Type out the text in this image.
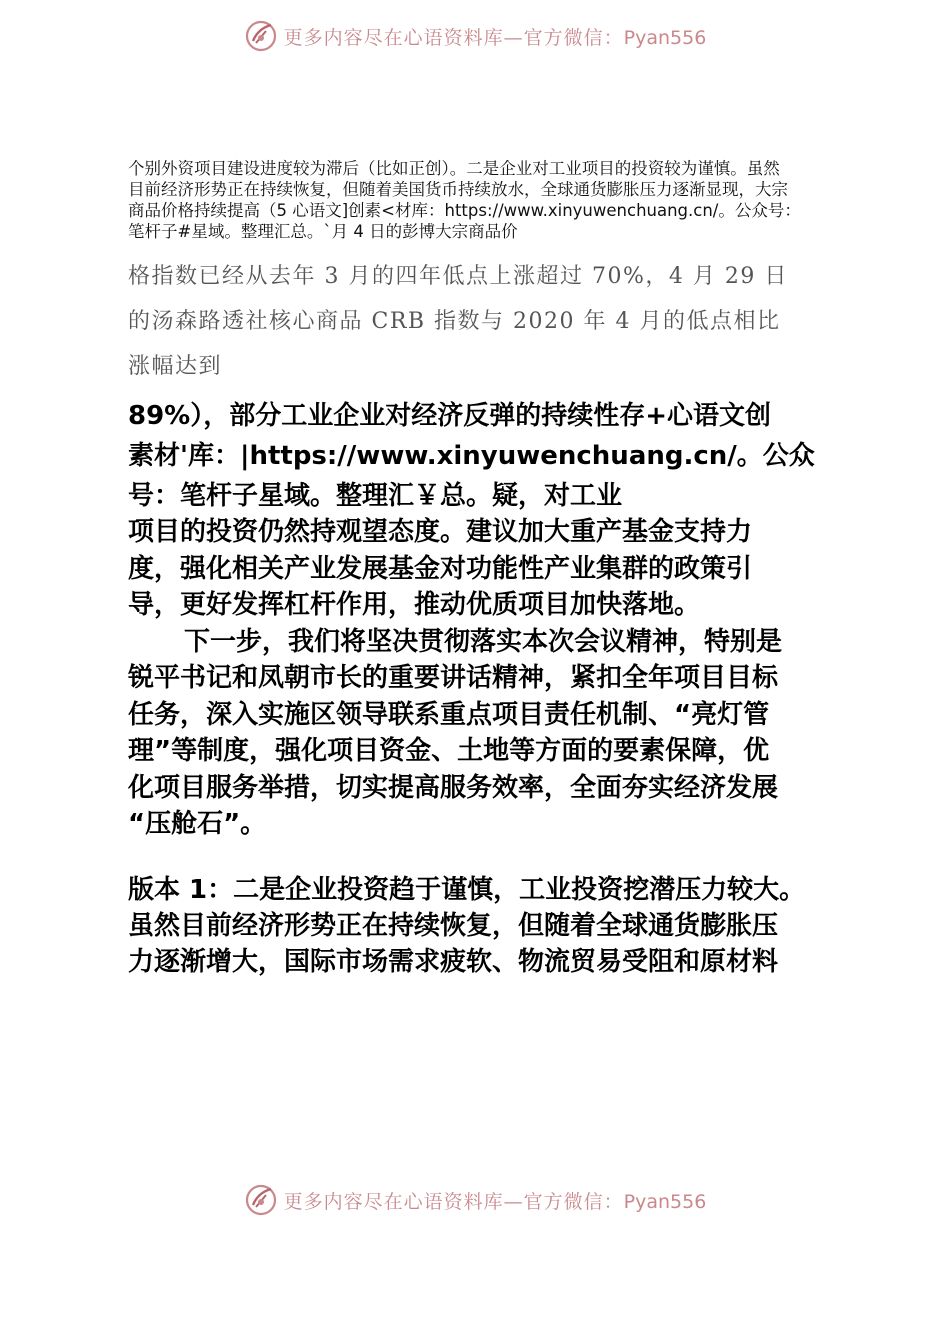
更多内容尽在心语资料库—官方微信：Pyan556
个别外资项目建设进度较为滞后（比如正创）。二是企业对工业项目的投资较为谨慎。虽然
目前经济形势正在持续恢复，但随着美国货币持续放水，全球通货膨胀压力逐渐显现，大宗
商品价格持续提高（5 心语文]创素<材库：https://www.xinyuwenchuang.cn/。公众号：
笔杆子#星域。整理汇总。`月 4 日的彭博大宗商品价
格指数已经从去年 3 月的四年低点上涨超过 70%，4 月 29 日
的汤森路透社核心商品 CRB 指数与 2020 年 4 月的低点相比
涨幅达到
89%），部分工业企业对经济反弹的持续性存+心语文创
素材'库：|https://www.xinyuwenchuang.cn/。公众
号：笔杆子星域。整理汇￥总。疑，对工业
项目的投资仍然持观望态度。建议加大重产基金支持力
度，强化相关产业发展基金对功能性产业集群的政策引
导，更好发挥杠杆作用，推动优质项目加快落地。
下一步，我们将坚决贯彻落实本次会议精神，特别是
锐平书记和凤朝市长的重要讲话精神，紧扣全年项目目标
任务，深入实施区领导联系重点项目责任机制、“亮灯管
理”等制度，强化项目资金、土地等方面的要素保障，优
化项目服务举措，切实提高服务效率，全面夯实经济发展
“压舱石”。
版本 1：二是企业投资趋于谨慎，工业投资挖潜压力较大。
虽然目前经济形势正在持续恢复，但随着全球通货膨胀压
力逐渐增大，国际市场需求疲软、物流贸易受阻和原材料
更多内容尽在心语资料库—官方微信：Pyan556
